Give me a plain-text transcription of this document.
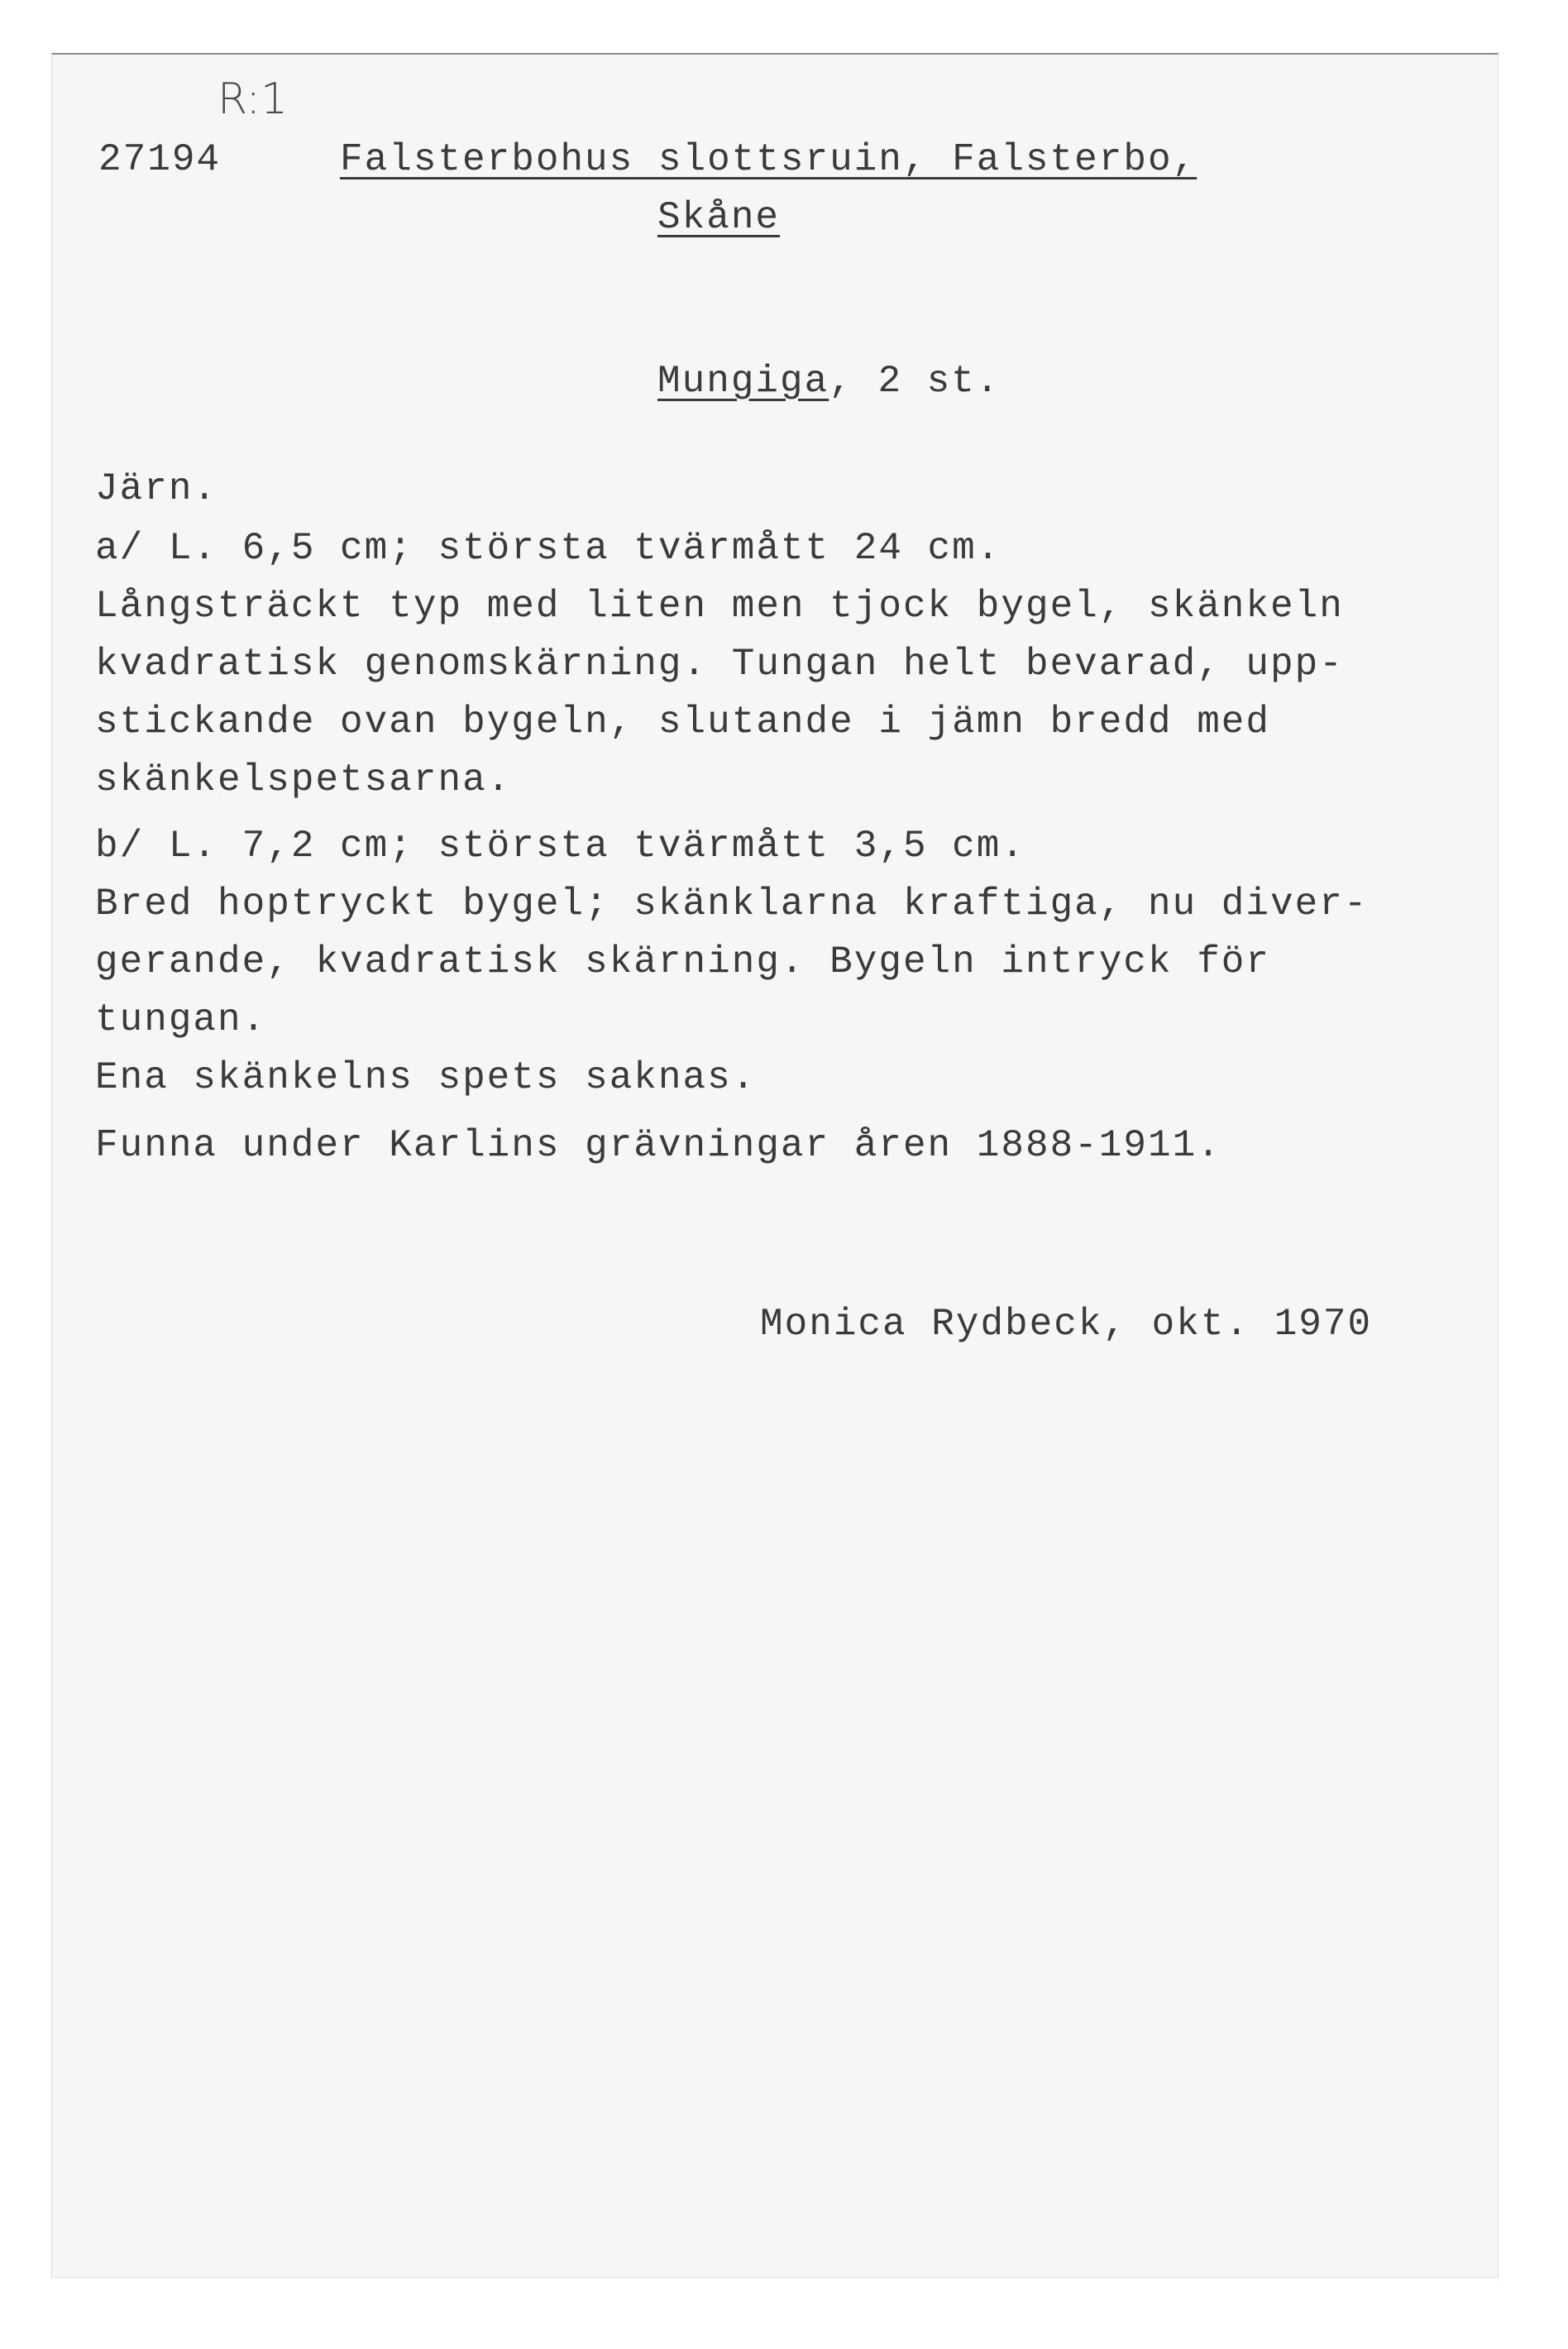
R:1
27194	Falsterbohus slottsruin, Falsterbo,
Skåne
Mungiga, 2 st.
Järn.
a/ L. 6,5 cm; största tvärmått 24 cm.
Långsträckt typ med liten men tjock bygel, skänkeln
kvadratisk genomskärning. Tungan helt bevarad, upp-
stickande ovan bygeln, slutande i jämn bredd med
skänkelspetsarna.
b/ L. 7,2 cm; största tvärmått 3,5 cm.
Bred hoptryckt bygel; skänklarna kraftiga, nu diver-
gerande, kvadratisk skärning. Bygeln intryck för
tungan.
Ena skänkelns spets saknas.
Funna under Karlins grävningar åren 1888-1911.
Monica Rydbeck, okt. 1970
